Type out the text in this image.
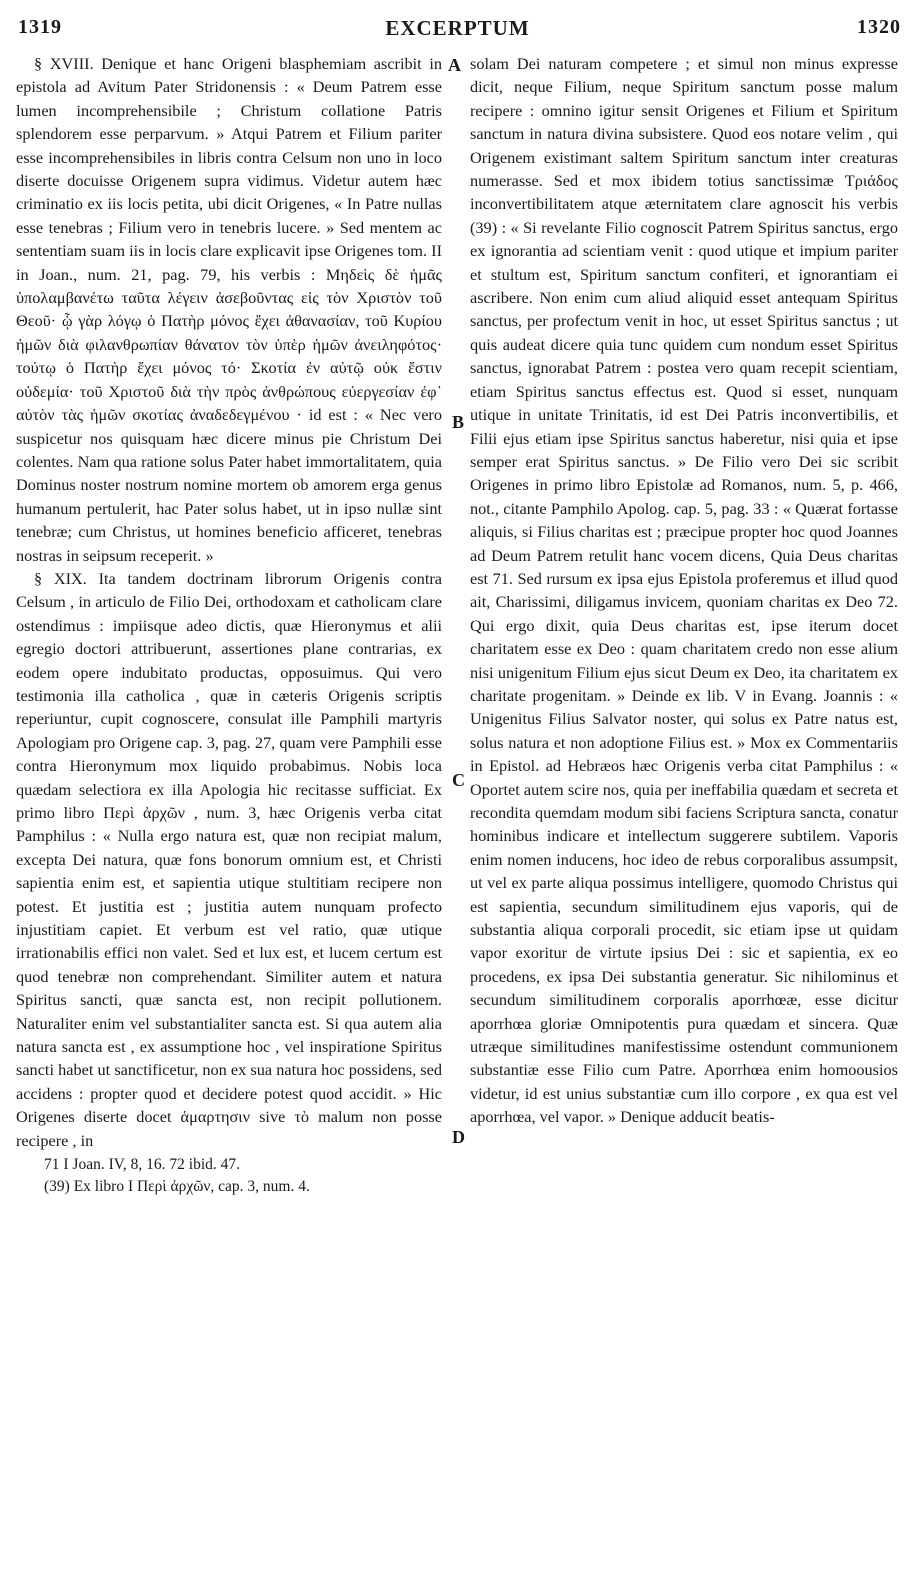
1319	EXCERPTUM	1320

§ XVIII. Denique et hanc Origeni blasphemiam ascribit in epistola ad Avitum Pater Stridonensis : « Deum Patrem esse lumen incomprehensibile ; Christum collatione Patris splendorem esse perparvum. » Atqui Patrem et Filium pariter esse incomprehensibiles in libris contra Celsum non uno in loco diserte docuisse Origenem supra vidimus. Videtur autem hæc criminatio ex iis locis petita, ubi dicit Origenes, « In Patre nullas esse tenebras ; Filium vero in tenebris lucere. » Sed mentem ac sententiam suam iis in locis clare explicavit ipse Origenes tom. II in Joan., num. 21, pag. 79, his verbis : Μηδεὶς δὲ ἡμᾶς ὑπολαμβανέτω ταῦτα λέγειν ἀσεβοῦντας εἰς τὸν Χριστὸν τοῦ Θεοῦ· ᾧ γὰρ λόγῳ ὁ Πατὴρ μόνος ἔχει ἀθανασίαν, τοῦ Κυρίου ἡμῶν διὰ φιλανθρωπίαν θάνατον τὸν ὑπὲρ ἡμῶν ἀνειληφότος· τούτῳ ὁ Πατὴρ ἔχει μόνος τό· Σκοτία ἐν αὐτῷ οὐκ ἔστιν οὐδεμία· τοῦ Χριστοῦ διὰ τὴν πρὸς ἀνθρώπους εὐεργεσίαν ἐφ᾽ αὐτὸν τὰς ἡμῶν σκοτίας ἀναδεδεγμένου · id est : « Nec vero suspicetur nos quisquam hæc dicere minus pie Christum Dei colentes. Nam qua ratione solus Pater habet immortalitatem, quia Dominus noster nostrum nomine mortem ob amorem erga genus humanum pertulerit, hac Pater solus habet, ut in ipso nullæ sint tenebræ; cum Christus, ut homines beneficio afficeret, tenebras nostras in seipsum receperit. »

§ XIX. Ita tandem doctrinam librorum Origenis contra Celsum , in articulo de Filio Dei, orthodoxam et catholicam clare ostendimus : impiisque adeo dictis, quæ Hieronymus et alii egregio doctori attribuerunt, assertiones plane contrarias, ex eodem opere indubitato productas, opposuimus. Qui vero testimonia illa catholica , quæ in cæteris Origenis scriptis reperiuntur, cupit cognoscere, consulat ille Pamphili martyris Apologiam pro Origene cap. 3, pag. 27, quam vere Pamphili esse contra Hieronymum mox liquido probabimus. Nobis loca quædam selectiora ex illa Apologia hic recitasse sufficiat. Ex primo libro Περὶ ἀρχῶν , num. 3, hæc Origenis verba citat Pamphilus : « Nulla ergo natura est, quæ non recipiat malum, excepta Dei natura, quæ fons bonorum omnium est, et Christi sapientia enim est, et sapientia utique stultitiam recipere non potest. Et justitia est ; justitia autem nunquam profecto injustitiam capiet. Et verbum est vel ratio, quæ utique irrationabilis effici non valet. Sed et lux est, et lucem certum est quod tenebræ non comprehendant. Similiter autem et natura Spiritus sancti, quæ sancta est, non recipit pollutionem. Naturaliter enim vel substantialiter sancta est. Si qua autem alia natura sancta est , ex assumptione hoc , vel inspiratione Spiritus sancti habet ut sanctificetur, non ex sua natura hoc possidens, sed accidens : propter quod et decidere potest quod accidit. » Hic Origenes diserte docet ἁμαρτησιν sive τὸ malum non posse recipere , in

71 I Joan. IV, 8, 16. 72 ibid. 47.
(39) Ex libro I Περὶ ἀρχῶν, cap. 3, num. 4.
A
B
C
D

solam Dei naturam competere ; et simul non minus expresse dicit, neque Filium, neque Spiritum sanctum posse malum recipere : omnino igitur sensit Origenes et Filium et Spiritum sanctum in natura divina subsistere. Quod eos notare velim , qui Origenem existimant saltem Spiritum sanctum inter creaturas numerasse. Sed et mox ibidem totius sanctissimæ Τριάδος inconvertibilitatem atque æternitatem clare agnoscit his verbis (39) : « Si revelante Filio cognoscit Patrem Spiritus sanctus, ergo ex ignorantia ad scientiam venit : quod utique et impium pariter et stultum est, Spiritum sanctum confiteri, et ignorantiam ei ascribere. Non enim cum aliud aliquid esset antequam Spiritus sanctus, per profectum venit in hoc, ut esset Spiritus sanctus ; ut quis audeat dicere quia tunc quidem cum nondum esset Spiritus sanctus, ignorabat Patrem : postea vero quam recepit scientiam, etiam Spiritus sanctus effectus est. Quod si esset, nunquam utique in unitate Trinitatis, id est Dei Patris inconvertibilis, et Filii ejus etiam ipse Spiritus sanctus haberetur, nisi quia et ipse semper erat Spiritus sanctus. » De Filio vero Dei sic scribit Origenes in primo libro Epistolæ ad Romanos, num. 5, p. 466, not., citante Pamphilo Apolog. cap. 5, pag. 33 : « Quærat fortasse aliquis, si Filius charitas est ; præcipue propter hoc quod Joannes ad Deum Patrem retulit hanc vocem dicens, Quia Deus charitas est 71. Sed rursum ex ipsa ejus Epistola proferemus et illud quod ait, Charissimi, diligamus invicem, quoniam charitas ex Deo 72. Qui ergo dixit, quia Deus charitas est, ipse iterum docet charitatem esse ex Deo : quam charitatem credo non esse alium nisi unigenitum Filium ejus sicut Deum ex Deo, ita charitatem ex charitate progenitam. » Deinde ex lib. V in Evang. Joannis : « Unigenitus Filius Salvator noster, qui solus ex Patre natus est, solus natura et non adoptione Filius est. » Mox ex Commentariis in Epistol. ad Hebræos hæc Origenis verba citat Pamphilus : « Oportet autem scire nos, quia per ineffabilia quædam et secreta et recondita quemdam modum sibi faciens Scriptura sancta, conatur hominibus indicare et intellectum suggerere subtilem. Vaporis enim nomen inducens, hoc ideo de rebus corporalibus assumpsit, ut vel ex parte aliqua possimus intelligere, quomodo Christus qui est sapientia, secundum similitudinem ejus vaporis, qui de substantia aliqua corporali procedit, sic etiam ipse ut quidam vapor exoritur de virtute ipsius Dei : sic et sapientia, ex eo procedens, ex ipsa Dei substantia generatur. Sic nihilominus et secundum similitudinem corporalis aporrhœæ, esse dicitur aporrhœa gloriæ Omnipotentis pura quædam et sincera. Quæ utræque similitudines manifestissime ostendunt communionem substantiæ esse Filio cum Patre. Aporrhœa enim homoousios videtur, id est unius substantiæ cum illo corpore , ex qua est vel aporrhœa, vel vapor. » Denique adducit beatis-
